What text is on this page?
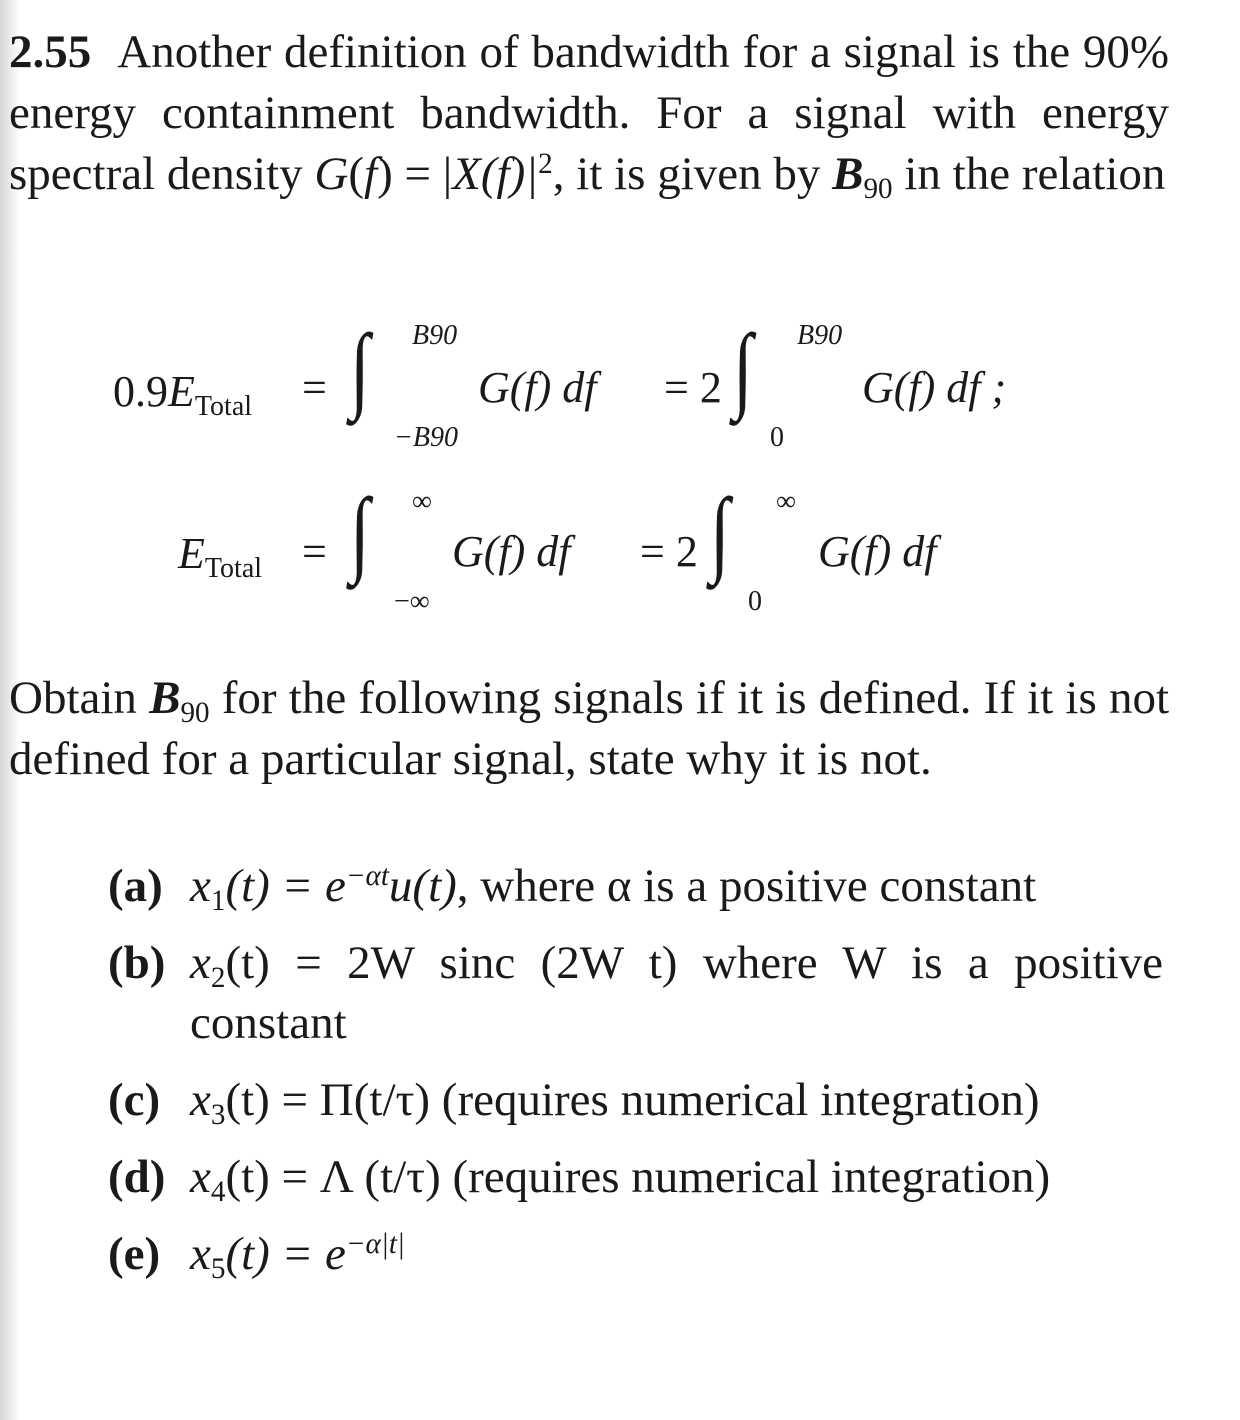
2.55 Another definition of bandwidth for a signal is the 90% energy containment bandwidth. For a signal with energy spectral density $G(f) = |X(f)|^2$, it is given by $B_{90}$ in the relation

$0.9E_{Total}$ = ∫ B90
−B90
G(f) df = 2 ∫ B90
0
G(f) df ;
$E_{Total}$ = ∫ ∞
−∞
G(f) df = 2 ∫ ∞
0
G(f) df

Obtain $B_{90}$ for the following signals if it is defined. If it is not defined for a particular signal, state why it is not.

(a) $x_1(t) = e^{-\alpha t}u(t)$, where α is a positive constant
(b) $x_2(t) = 2W$ sinc (2W t) where W is a positive constant
(c) $x_3(t) = \Pi(t/\tau)$ (requires numerical integration)
(d) $x_4(t) = \Lambda$ (t/τ) (requires numerical integration)
(e) $x_5(t) = e^{-\alpha|t|}$
